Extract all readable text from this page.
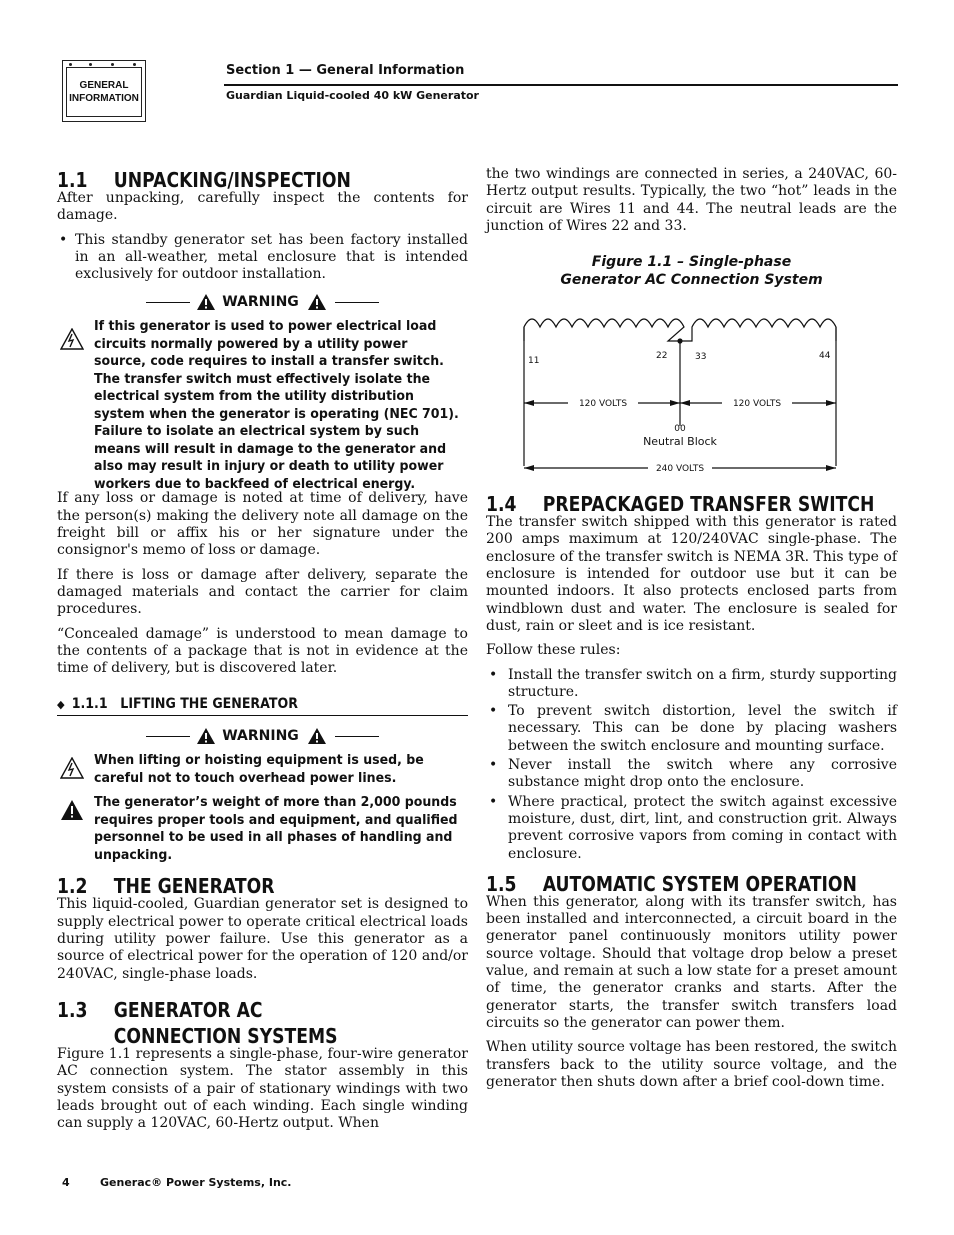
GENERAL
INFORMATION
Section 1 — General Information
Guardian Liquid-cooled 40 kW Generator
1.1 UNPACKING/INSPECTION
After unpacking, carefully inspect the contents for damage.
• This standby generator set has been factory installed in an all-weather, metal enclosure that is intended exclusively for outdoor installation.
WARNING
If this generator is used to power electrical load circuits normally powered by a utility power source, code requires to install a transfer switch. The transfer switch must effectively isolate the electrical system from the utility distribution system when the generator is operating (NEC 701). Failure to isolate an electrical system by such means will result in damage to the generator and also may result in injury or death to utility power workers due to backfeed of electrical energy.
If any loss or damage is noted at time of delivery, have the person(s) making the delivery note all damage on the freight bill or affix his or her signature under the consignor's memo of loss or damage.
If there is loss or damage after delivery, separate the damaged materials and contact the carrier for claim procedures.
“Concealed damage” is understood to mean damage to the contents of a package that is not in evidence at the time of delivery, but is discovered later.
◆ 1.1.1 LIFTING THE GENERATOR
WARNING
When lifting or hoisting equipment is used, be careful not to touch overhead power lines.
The generator’s weight of more than 2,000 pounds requires proper tools and equipment, and qualified personnel to be used in all phases of handling and unpacking.
1.2 THE GENERATOR
This liquid-cooled, Guardian generator set is designed to supply electrical power to operate critical electrical loads during utility power failure. Use this generator as a source of electrical power for the operation of 120 and/or 240VAC, single-phase loads.
1.3 GENERATOR AC
CONNECTION SYSTEMS
Figure 1.1 represents a single-phase, four-wire generator AC connection system. The stator assembly in this system consists of a pair of stationary windings with two leads brought out of each winding. Each single winding can supply a 120VAC, 60-Hertz output. When
the two windings are connected in series, a 240VAC, 60-Hertz output results. Typically, the two “hot” leads in the circuit are Wires 11 and 44. The neutral leads are the junction of Wires 22 and 33.
Figure 1.1 – Single-phase
Generator AC Connection System
11	22	33	44
120 VOLTS	120 VOLTS
00
Neutral Block
240 VOLTS
1.4 PREPACKAGED TRANSFER SWITCH
The transfer switch shipped with this generator is rated 200 amps maximum at 120/240VAC single-phase. The enclosure of the transfer switch is NEMA 3R. This type of enclosure is intended for outdoor use but it can be mounted indoors. It also protects enclosed parts from windblown dust and water. The enclosure is sealed for dust, rain or sleet and is ice resistant.
Follow these rules:
• Install the transfer switch on a firm, sturdy supporting structure.
• To prevent switch distortion, level the switch if necessary. This can be done by placing washers between the switch enclosure and mounting surface.
• Never install the switch where any corrosive substance might drop onto the enclosure.
• Where practical, protect the switch against excessive moisture, dust, dirt, lint, and construction grit. Always prevent corrosive vapors from coming in contact with enclosure.
1.5 AUTOMATIC SYSTEM OPERATION
When this generator, along with its transfer switch, has been installed and interconnected, a circuit board in the generator panel continuously monitors utility power source voltage. Should that voltage drop below a preset value, and remain at such a low state for a preset amount of time, the generator cranks and starts. After the generator starts, the transfer switch transfers load circuits so the generator can power them.
When utility source voltage has been restored, the switch transfers back to the utility source voltage, and the generator then shuts down after a brief cool-down time.
4	Generac® Power Systems, Inc.
